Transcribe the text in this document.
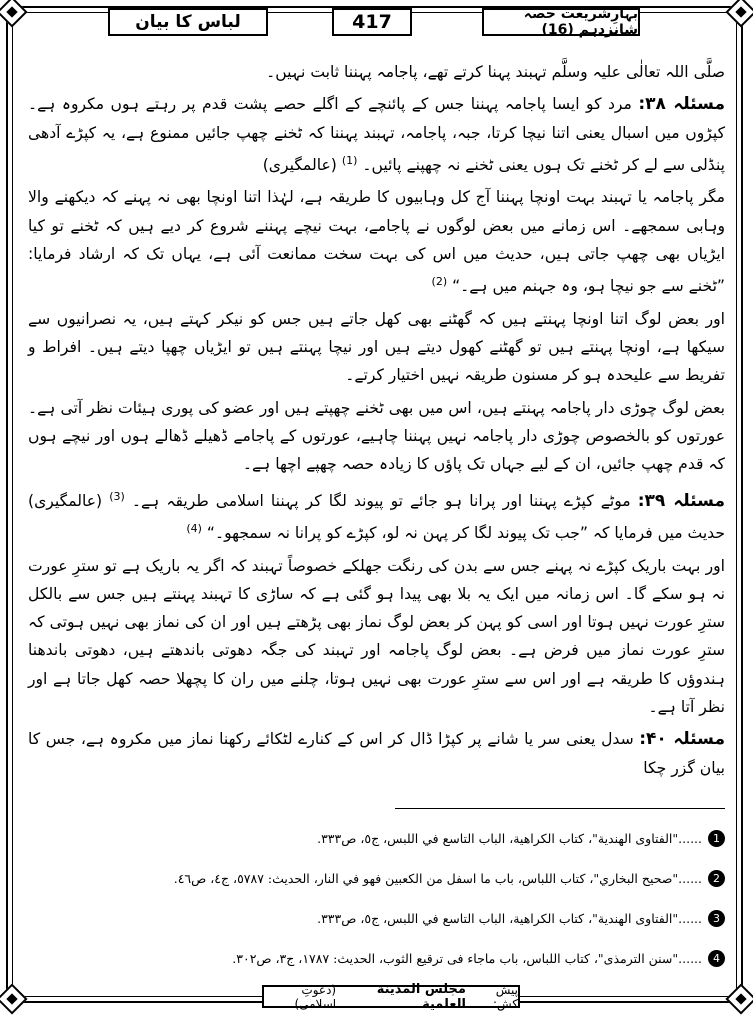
لباس کا بیان	417	بہارِشریعت حصہ شانزدہم (16)

صلَّی اللہ تعالٰی علیہ وسلَّم تہبند پہنا کرتے تھے، پاجامہ پہننا ثابت نہیں۔

مسئلہ ۳۸: مرد کو ایسا پاجامہ پہننا جس کے پائنچے کے اگلے حصے پشت قدم پر رہتے ہوں مکروہ ہے۔ کپڑوں میں اسبال یعنی اتنا نیچا کرتا، جبہ، پاجامہ، تہبند پہننا کہ ٹخنے چھپ جائیں ممنوع ہے، یہ کپڑے آدھی پنڈلی سے لے کر ٹخنے تک ہوں یعنی ٹخنے نہ چھپنے پائیں۔ $^{(1)}$ (عالمگیری)

مگر پاجامہ یا تہبند بہت اونچا پہننا آج کل وہابیوں کا طریقہ ہے، لہٰذا اتنا اونچا بھی نہ پہنے کہ دیکھنے والا وہابی سمجھے۔ اس زمانے میں بعض لوگوں نے پاجامے، بہت نیچے پہننے شروع کر دیے ہیں کہ ٹخنے تو کیا ایڑیاں بھی چھپ جاتی ہیں، حدیث میں اس کی بہت سخت ممانعت آئی ہے، یہاں تک کہ ارشاد فرمایا: ”ٹخنے سے جو نیچا ہو، وہ جہنم میں ہے۔“ $^{(2)}$

اور بعض لوگ اتنا اونچا پہنتے ہیں کہ گھٹنے بھی کھل جاتے ہیں جس کو نیکر کہتے ہیں، یہ نصرانیوں سے سیکھا ہے، اونچا پہنتے ہیں تو گھٹنے کھول دیتے ہیں اور نیچا پہنتے ہیں تو ایڑیاں چھپا دیتے ہیں۔ افراط و تفریط سے علیحدہ ہو کر مسنون طریقہ نہیں اختیار کرتے۔

بعض لوگ چوڑی دار پاجامہ پہنتے ہیں، اس میں بھی ٹخنے چھپتے ہیں اور عضو کی پوری ہیئات نظر آتی ہے۔ عورتوں کو بالخصوص چوڑی دار پاجامہ نہیں پہننا چاہیے، عورتوں کے پاجامے ڈھیلے ڈھالے ہوں اور نیچے ہوں کہ قدم چھپ جائیں، ان کے لیے جہاں تک پاؤں کا زیادہ حصہ چھپے اچھا ہے۔

مسئلہ ۳۹: موٹے کپڑے پہننا اور پرانا ہو جائے تو پیوند لگا کر پہننا اسلامی طریقہ ہے۔ $^{(3)}$ (عالمگیری) حدیث میں فرمایا کہ ”جب تک پیوند لگا کر پہن نہ لو، کپڑے کو پرانا نہ سمجھو۔“ $^{(4)}$

اور بہت باریک کپڑے نہ پہنے جس سے بدن کی رنگت جھلکے خصوصاً تہبند کہ اگر یہ باریک ہے تو سترِ عورت نہ ہو سکے گا۔ اس زمانہ میں ایک یہ بلا بھی پیدا ہو گئی ہے کہ ساڑی کا تہبند پہنتے ہیں جس سے بالکل سترِ عورت نہیں ہوتا اور اسی کو پہن کر بعض لوگ نماز بھی پڑھتے ہیں اور ان کی نماز بھی نہیں ہوتی کہ سترِ عورت نماز میں فرض ہے۔ بعض لوگ پاجامہ اور تہبند کی جگہ دھوتی باندھتے ہیں، دھوتی باندھنا ہندوؤں کا طریقہ ہے اور اس سے سترِ عورت بھی نہیں ہوتا، چلنے میں ران کا پچھلا حصہ کھل جاتا ہے اور نظر آتا ہے۔

مسئلہ ۴۰: سدل یعنی سر یا شانے پر کپڑا ڈال کر اس کے کنارے لٹکائے رکھنا نماز میں مکروہ ہے، جس کا بیان گزر چکا

1
......"الفتاوى الهندية"، كتاب الكراهية، الباب التاسع في اللبس، ج٥، ص٣٣٣.
2
......"صحيح البخاري"، كتاب اللباس، باب ما اسفل من الكعبين فهو في النار، الحديث: ٥٧٨٧، ج٤، ص٤٦.
3
......"الفتاوى الهندية"، كتاب الكراهية، الباب التاسع في اللبس، ج٥، ص٣٣٣.
4
......"سنن الترمذى"، كتاب اللباس، باب ماجاء فى ترقيع الثوب، الحديث: ١٧٨٧، ج٣، ص٣٠٢.
پیش کش:
مجلس المدينة العلمية
(دعوتِ اسلامی)
